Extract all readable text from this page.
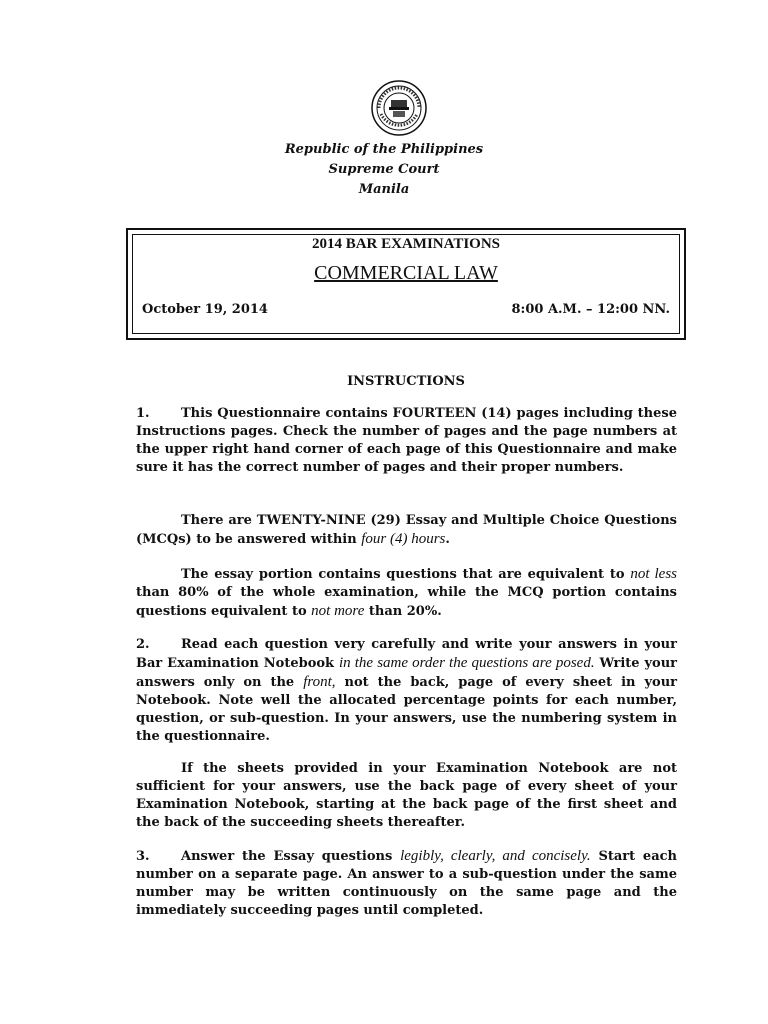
Republic of the Philippines
Supreme Court
Manila
2014 BAR EXAMINATIONS
COMMERCIAL LAW
October 19, 2014	8:00 A.M. – 12:00 NN.
INSTRUCTIONS
1. This Questionnaire contains FOURTEEN (14) pages including these Instructions pages. Check the number of pages and the page numbers at the upper right hand corner of each page of this Questionnaire and make sure it has the correct number of pages and their proper numbers.
There are TWENTY-NINE (29) Essay and Multiple Choice Questions (MCQs) to be answered within four (4) hours.
The essay portion contains questions that are equivalent to not less than 80% of the whole examination, while the MCQ portion contains questions equivalent to not more than 20%.
2. Read each question very carefully and write your answers in your Bar Examination Notebook in the same order the questions are posed. Write your answers only on the front, not the back, page of every sheet in your Notebook. Note well the allocated percentage points for each number, question, or sub-question. In your answers, use the numbering system in the questionnaire.
If the sheets provided in your Examination Notebook are not sufficient for your answers, use the back page of every sheet of your Examination Notebook, starting at the back page of the first sheet and the back of the succeeding sheets thereafter.
3. Answer the Essay questions legibly, clearly, and concisely. Start each number on a separate page. An answer to a sub-question under the same number may be written continuously on the same page and the immediately succeeding pages until completed.
